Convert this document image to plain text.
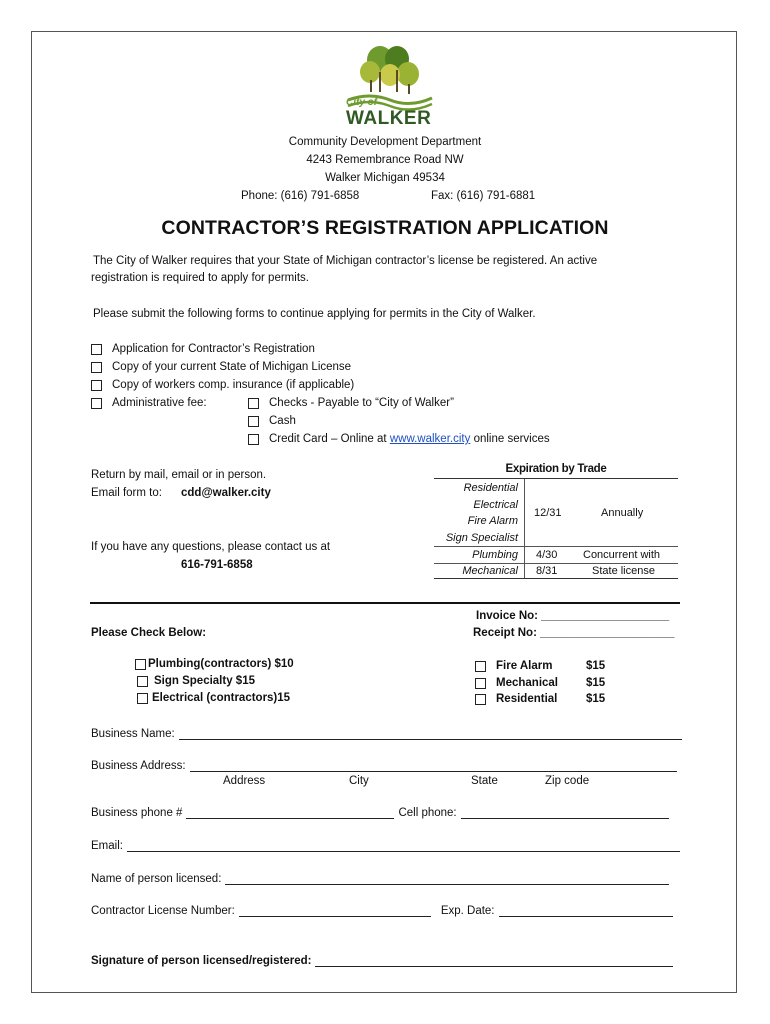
City of
WALKER
Community Development Department
4243 Remembrance Road NW
Walker Michigan 49534
Phone: (616) 791-6858	Fax: (616) 791-6881
CONTRACTOR’S REGISTRATION APPLICATION
The City of Walker requires that your State of Michigan contractor’s license be registered. An active
registration is required to apply for permits.
Please submit the following forms to continue applying for permits in the City of Walker.
Application for Contractor’s Registration
Copy of your current State of Michigan License
Copy of workers comp. insurance (if applicable)
Administrative fee:	Checks - Payable to “City of Walker”
Cash
Credit Card – Online at www.walker.city online services
Return by mail, email or in person.
Email form to: cdd@walker.city
If you have any questions, please contact us at
616-791-6858
Expiration by Trade
Residential
Electrical
Fire Alarm
Sign Specialist
12/31	Annually
Plumbing 4/30 Concurrent with
Mechanical 8/31	State license
Invoice No: ____________________
Receipt No: _____________________
Please Check Below:
Plumbing(contractors) $10
Sign Specialty $15
Electrical (contractors)15
Fire Alarm	$15
Mechanical	$15
Residential	$15
Business Name:
Business Address:
Address	City	State	Zip code
Business phone #	Cell phone:
Email:
Name of person licensed:
Contractor License Number:	Exp. Date:
Signature of person licensed/registered:
